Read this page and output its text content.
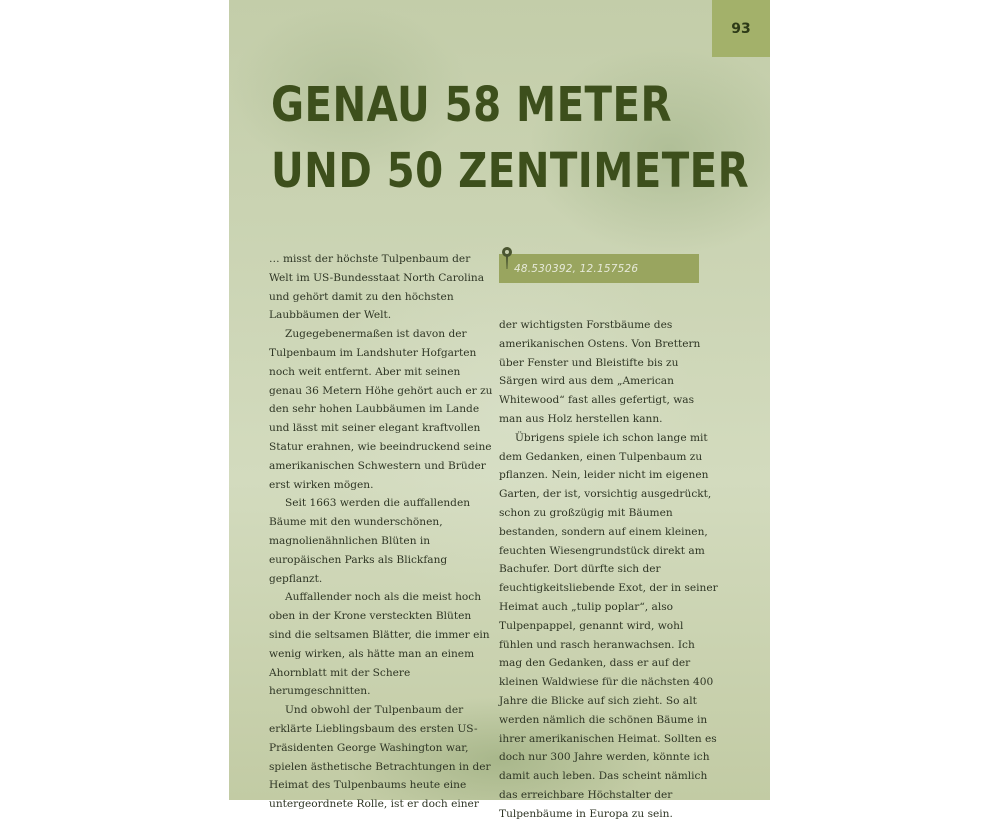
93
GENAU 58 METER
UND 50 ZENTIMETER

… misst der höchste Tulpenbaum der Welt im US-Bundesstaat North Carolina und gehört damit zu den höchsten Laubbäumen der Welt.

Zugegebenermaßen ist davon der Tulpenbaum im Landshuter Hofgarten noch weit entfernt. Aber mit seinen genau 36 Metern Höhe gehört auch er zu den sehr hohen Laubbäumen im Lande und lässt mit seiner elegant kraftvollen Statur erahnen, wie beeindruckend seine amerikanischen Schwestern und Brüder erst wirken mögen.

Seit 1663 werden die auffallenden Bäume mit den wunderschönen, magnolienähnlichen Blüten in europäischen Parks als Blickfang gepflanzt.

Auffallender noch als die meist hoch oben in der Krone versteckten Blüten sind die seltsamen Blätter, die immer ein wenig wirken, als hätte man an einem Ahornblatt mit der Schere herumgeschnitten.

Und obwohl der Tulpenbaum der erklärte Lieblingsbaum des ersten US-Präsidenten George Washington war, spielen ästhetische Betrachtungen in der Heimat des Tulpenbaums heute eine untergeordnete Rolle, ist er doch einer

48.530392, 12.157526

der wichtigsten Forstbäume des amerikanischen Ostens. Von Brettern über Fenster und Bleistifte bis zu Särgen wird aus dem „American Whitewood“ fast alles gefertigt, was man aus Holz herstellen kann.

Übrigens spiele ich schon lange mit dem Gedanken, einen Tulpenbaum zu pflanzen. Nein, leider nicht im eigenen Garten, der ist, vorsichtig ausgedrückt, schon zu großzügig mit Bäumen bestanden, sondern auf einem kleinen, feuchten Wiesengrundstück direkt am Bachufer. Dort dürfte sich der feuchtigkeitsliebende Exot, der in seiner Heimat auch „tulip poplar“, also Tulpenpappel, genannt wird, wohl fühlen und rasch heranwachsen. Ich mag den Gedanken, dass er auf der kleinen Waldwiese für die nächsten 400 Jahre die Blicke auf sich zieht. So alt werden nämlich die schönen Bäume in ihrer amerikanischen Heimat. Sollten es doch nur 300 Jahre werden, könnte ich damit auch leben. Das scheint nämlich das erreichbare Höchstalter der Tulpenbäume in Europa zu sein.
